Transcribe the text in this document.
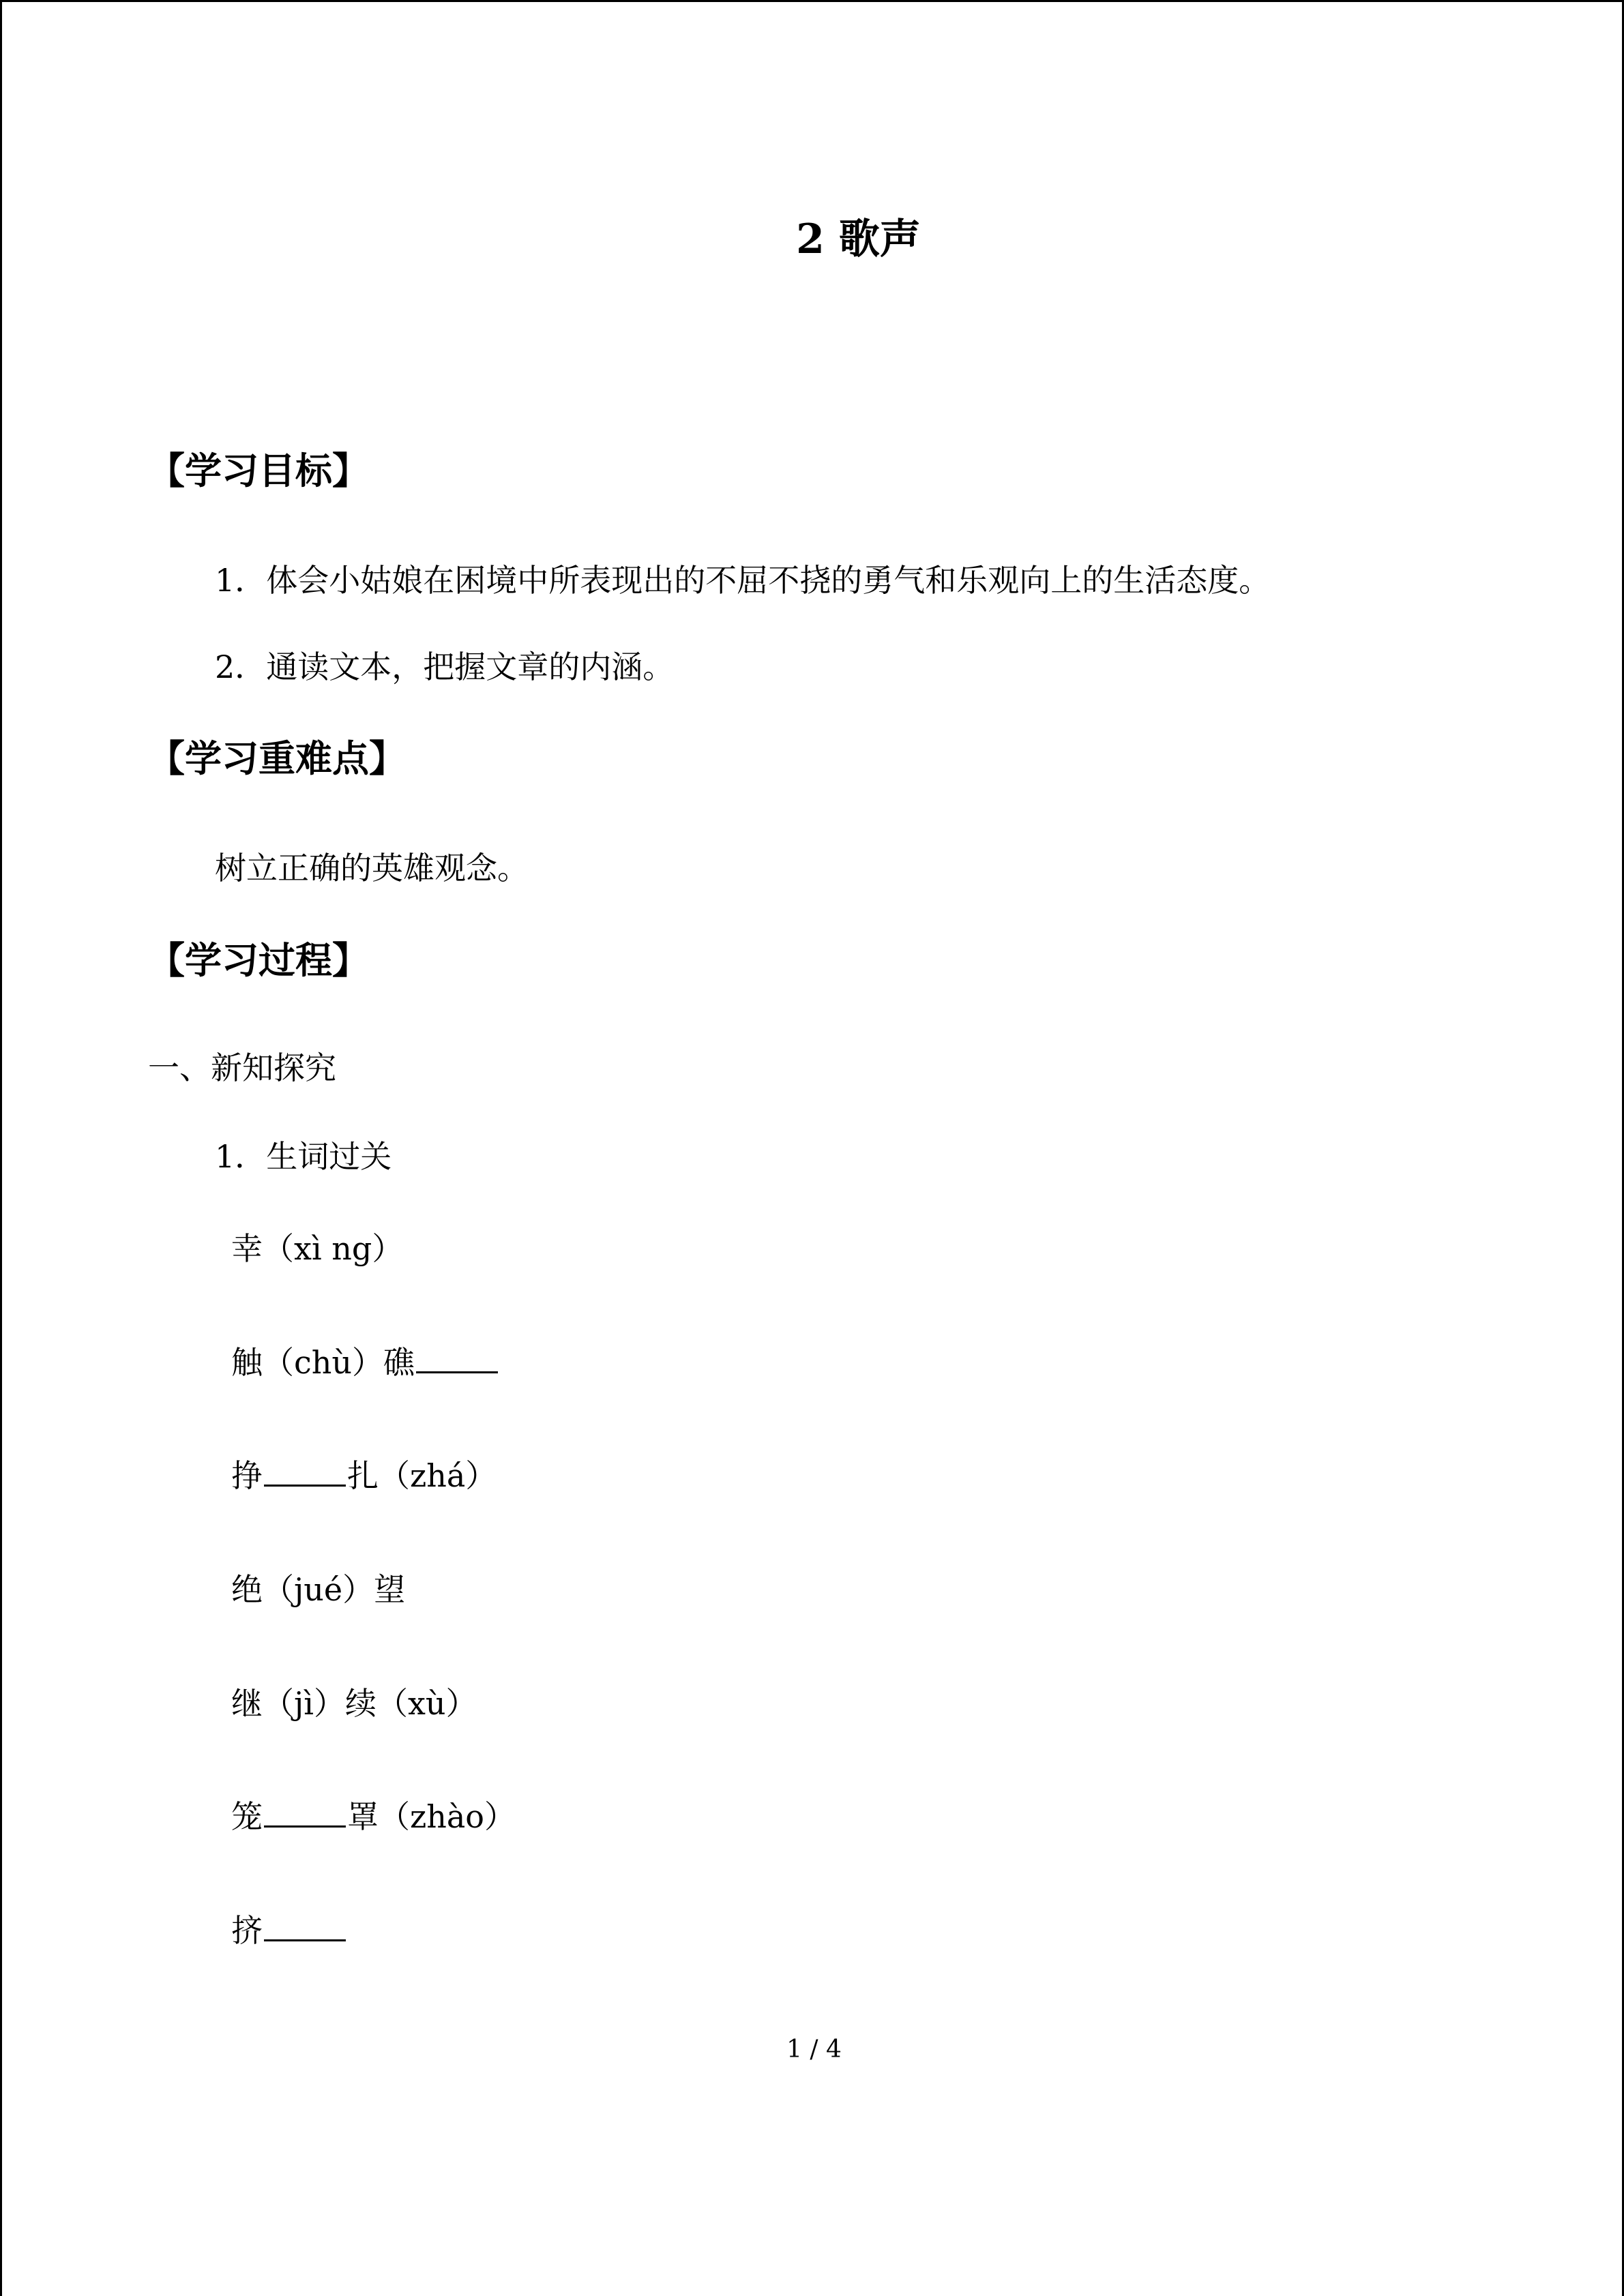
2 歌声
【学习目标】
1．体会小姑娘在困境中所表现出的不屈不挠的勇气和乐观向上的生活态度。
2．通读文本，把握文章的内涵。
【学习重难点】
树立正确的英雄观念。
【学习过程】
一、新知探究
1．生词过关
幸（xì ng）
触（chù）礁
挣	扎（zhá）
绝（jué）望
继（jì）续（xù）
笼	罩（zhào）
挤
1 / 4
